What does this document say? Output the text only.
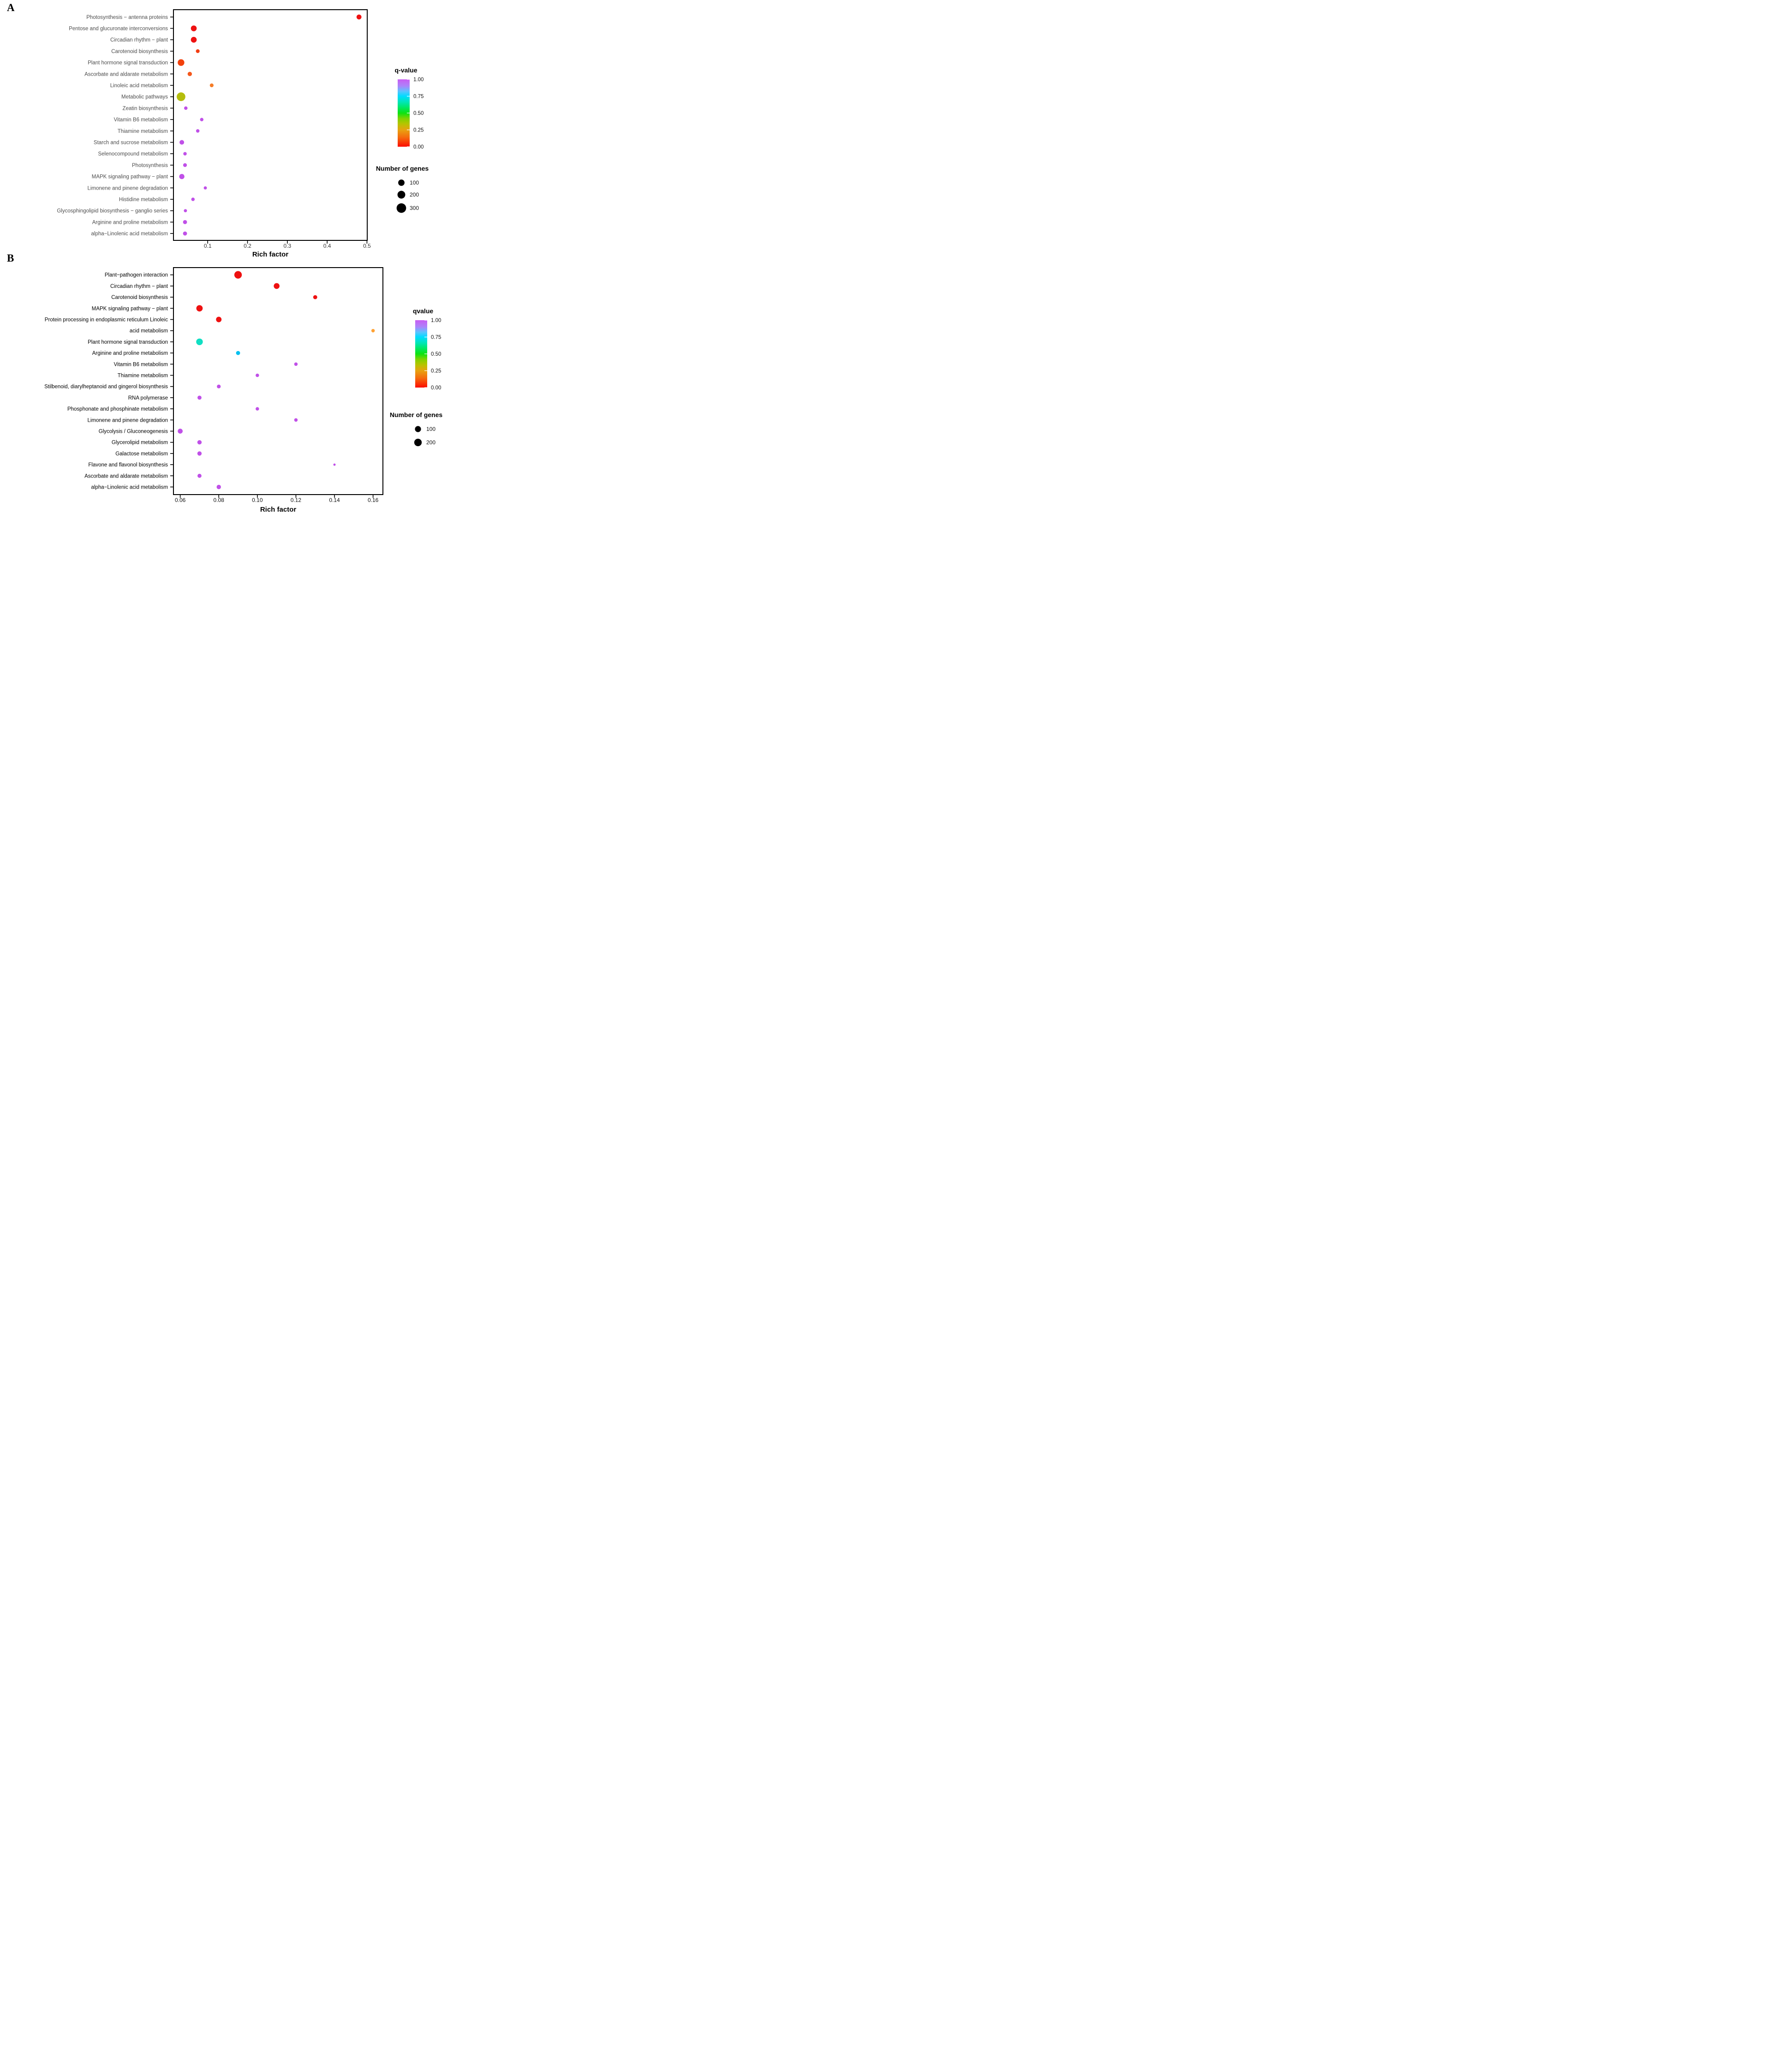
A
B
Photosynthesis − antenna proteins
Pentose and glucuronate interconversions
Circadian rhythm − plant
Carotenoid biosynthesis
Plant hormone signal transduction
Ascorbate and aldarate metabolism
Linoleic acid metabolism
Metabolic pathways
Zeatin biosynthesis
Vitamin B6 metabolism
Thiamine metabolism
Starch and sucrose metabolism
Selenocompound metabolism
Photosynthesis
MAPK signaling pathway − plant
Limonene and pinene degradation
Histidine metabolism
Glycosphingolipid biosynthesis − ganglio series
Arginine and proline metabolism
alpha−Linolenic acid metabolism
0.1	0.2	0.3	0.4	0.5
Rich factor
q-value
1.00
0.75
0.50
0.25
0.00
Number of genes
100
200
300
Plant−pathogen interaction
Circadian rhythm − plant
Carotenoid biosynthesis
MAPK signaling pathway − plant
Protein processing in endoplasmic reticulum Linoleic
acid metabolism
Plant hormone signal transduction
Arginine and proline metabolism
Vitamin B6 metabolism
Thiamine metabolism
Stilbenoid, diarylheptanoid and gingerol biosynthesis
RNA polymerase
Phosphonate and phosphinate metabolism
Limonene and pinene degradation
Glycolysis / Gluconeogenesis
Glycerolipid metabolism
Galactose metabolism
Flavone and flavonol biosynthesis
Ascorbate and aldarate metabolism
alpha−Linolenic acid metabolism
0.06	0.08	0.10	0.12	0.14	0.16
Rich factor
qvalue
1.00
0.75
0.50
0.25
0.00
Number of genes
100
200
